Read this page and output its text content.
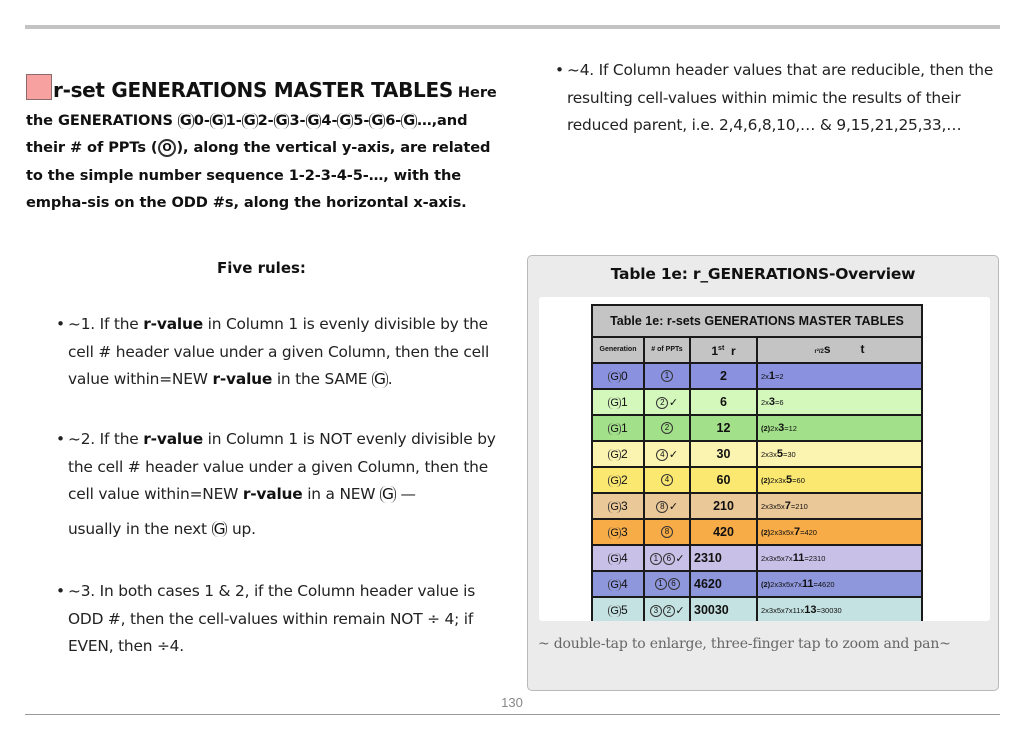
r-set GENERATIONS MASTER TABLES Here the GENERATIONS G 0- G 1- G 2- G 3- G 4- G 5- G 6- G …,and
their # of PPTs ( O ), along the vertical y-axis, are related to the simple number sequence 1-2-3-4-5-…, with the empha-sis on the ODD #s, along the horizontal x-axis.
Five rules:
• ~1. If the r-value in Column 1 is evenly divisible by the cell # header value under a given Column, then the cell value within=NEW r-value in the SAME G .
• ~2. If the r-value in Column 1 is NOT evenly divisible by the cell # header value under a given Column, then the cell value within=NEW r-value in a NEW G —
usually in the next G up.
• ~3. In both cases 1 & 2, if the Column header value is ODD #, then the cell-values within remain NOT ÷ 4; if EVEN, then ÷4.
• ~4. If Column header values that are reducible, then the resulting cell-values within mimic the results of their reduced parent, i.e. 2,4,6,8,10,… & 9,15,21,25,33,…
Table 1e: r_GENERATIONS-Overview
Table 1e: r-sets GENERATIONS MASTER TABLES			
Generation	# of PPTs	1st  r	r²/2s t
G 0	1	2	2x1=2
G 1	2 ✓	6	2x3=6
G 1	2	12	(2)2x3=12
G 2	4 ✓	30	2x3x5=30
G 2	4	60	(2)2x3x5=60
G 3	8 ✓	210	2x3x5x7=210
G 3	8	420	(2)2x3x5x7=420
G 4	1 6 ✓	2310	2x3x5x7x11=2310
G 4	1 6	4620	(2)2x3x5x7x11=4620
G 5	3 2 ✓	30030	2x3x5x7x11x13=30030

~ double-tap to enlarge, three-finger tap to zoom and pan~
130
